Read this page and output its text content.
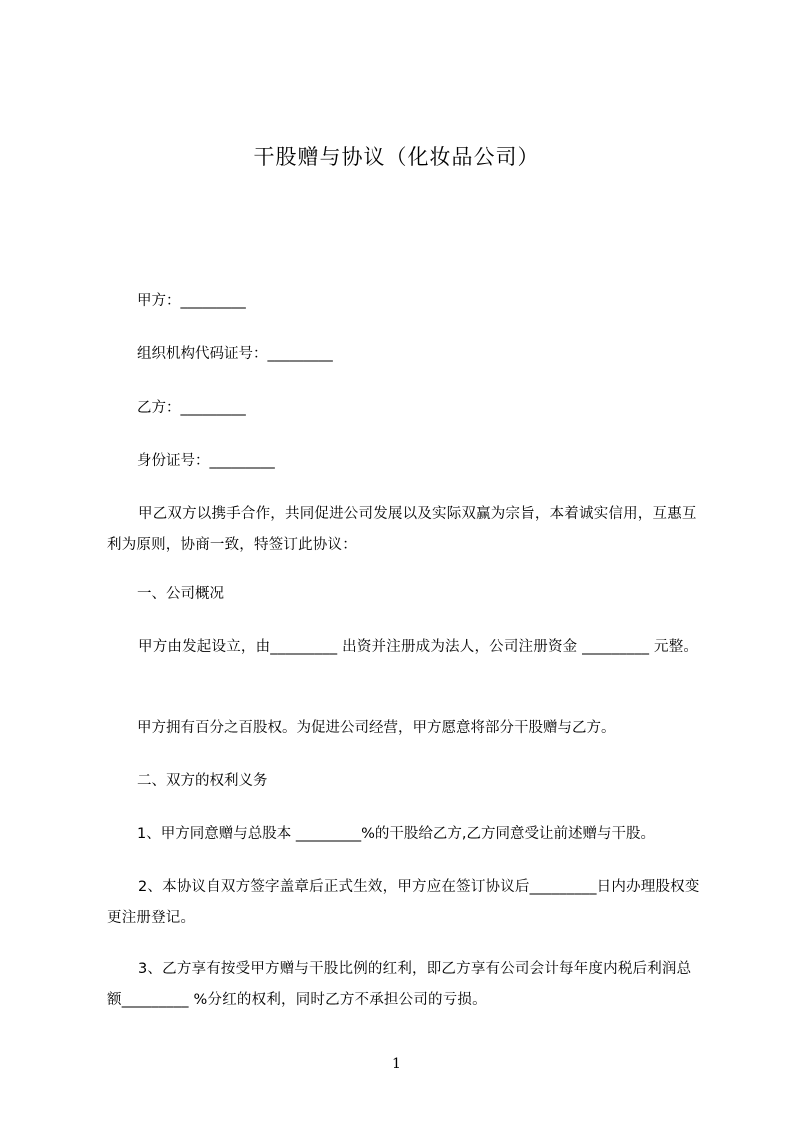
干股赠与协议（化妆品公司）
甲方：_________
组织机构代码证号：_________
乙方：_________
身份证号：_________
甲乙双方以携手合作，共同促进公司发展以及实际双赢为宗旨，本着诚实信用，互惠互利为原则，协商一致，特签订此协议：
一、公司概况
甲方由发起设立，由_________ 出资并注册成为法人，公司注册资金 _________ 元整。
甲方拥有百分之百股权。为促进公司经营，甲方愿意将部分干股赠与乙方。
二、双方的权利义务
1、甲方同意赠与总股本 _________%的干股给乙方,乙方同意受让前述赠与干股。
2、本协议自双方签字盖章后正式生效，甲方应在签订协议后_________日内办理股权变更注册登记。
3、乙方享有按受甲方赠与干股比例的红利，即乙方享有公司会计每年度内税后利润总额_________ %分红的权利，同时乙方不承担公司的亏损。
1
